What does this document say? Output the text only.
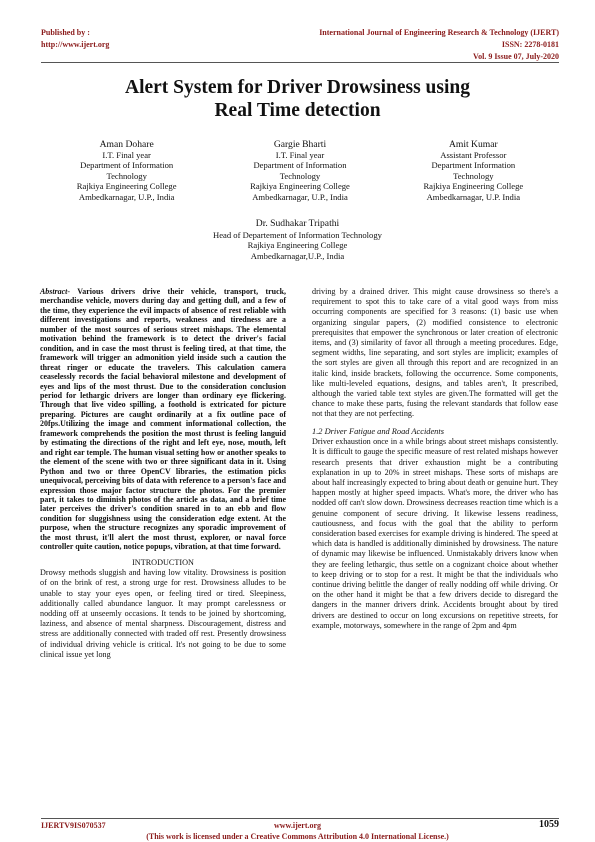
Published by :
http://www.ijert.org
International Journal of Engineering Research & Technology (IJERT)
ISSN: 2278-0181
Vol. 9 Issue 07, July-2020
Alert System for Driver Drowsiness using
Real Time detection
Aman Dohare
I.T. Final year
Department of Information
Technology
Rajkiya Engineering College
Ambedkarnagar, U.P., India
Gargie Bharti
I.T. Final year
Department of Information
Technology
Rajkiya Engineering College
Ambedkarnagar, U.P., India
Amit Kumar
Assistant Professor
Department Information
Technology
Rajkiya Engineering College
Ambedkarnagar, U.P. India
Dr. Sudhakar Tripathi
Head of Departement of Information Technology
Rajkiya Engineering College
Ambedkarnagar,U.P., India

Abstract- Various drivers drive their vehicle, transport, truck, merchandise vehicle, movers during day and getting dull, and a few of the time, they experience the evil impacts of absence of rest reliable with different investigations and reports, weakness and tiredness are a number of the most sources of serious street mishaps. The elemental motivation behind the framework is to detect the driver's facial condition, and in case the most thrust is feeling tired, at that time, the framework will trigger an admonition yield inside such a caution the threat ringer or educate the travelers. This calculation camera ceaselessly records the facial behavioral milestone and development of eyes and lips of the most thrust. Due to the consideration conclusion period for lethargic drivers are longer than ordinary eye flickering. Through that live video spilling, a foothold is extricated for picture preparing. Pictures are caught ordinarily at a fix outline pace of 20fps.Utilizing the image and comment informational collection, the framework comprehends the position the most thrust is feeling languid by estimating the directions of the right and left eye, nose, mouth, left and right ear temple. The human visual setting how or another speaks to the element of the scene with two or three significant data in it. Using Python and two or three OpenCV libraries, the estimation picks unequivocal, perceiving bits of data with reference to a person's face and expression those major factor structure the photos. For the premier part, it takes to diminish photos of the article as data, and a brief time later perceives the driver's condition snared in to an ebb and flow condition for sluggishness using the consideration edge extent. At the purpose, when the structure recognizes any sporadic improvement of the most thrust, it'll alert the most thrust, explorer, or naval force controller quite caution, notice popups, vibration, at that time forward.

INTRODUCTION

Drowsy methods sluggish and having low vitality. Drowsiness is position of on the brink of rest, a strong urge for rest. Drowsiness alludes to be unable to stay your eyes open, or feeling tired or tired. Sleepiness, additionally called abundance languor. It may prompt carelessness or nodding off at unseemly occasions. It tends to be joined by shortcoming, laziness, and absence of mental sharpness. Discouragement, distress and stress are additionally connected with traded off rest. Presently drowsiness of individual driving vehicle is critical. It's not going to be due to some clinical issue yet long

driving by a drained driver. This might cause drowsiness so there's a requirement to spot this to take care of a vital good ways from miss occurring components are specified for 3 reasons: (1) basic use when organizing singular papers, (2) modified consistence to electronic prerequisites that empower the synchronous or later creation of electronic items, and (3) similarity of favor all through a meeting procedures. Edge, segment widths, line separating, and sort styles are implicit; examples of the sort styles are given all through this report and are recognized in an italic kind, inside brackets, following the occurrence. Some components, like multi-leveled equations, designs, and tables aren't, It prescribed, although the varied table text styles are given.The formatted will get the chance to make these parts, fusing the relevant standards that follow ease not that they are not perfecting.

1.2 Driver Fatigue and Road Accidents

Driver exhaustion once in a while brings about street mishaps consistently. It is difficult to gauge the specific measure of rest related mishaps however research presents that driver exhaustion might be a contributing explanation in up to 20% in street mishaps. These sorts of mishaps are about half increasingly expected to bring about death or genuine hurt. They happen mostly at higher speed impacts. What's more, the driver who has nodded off can't slow down. Drowsiness decreases reaction time which is a genuine component of secure driving. It likewise lessens readiness, cautiousness, and focus with the goal that the ability to perform consideration based exercises for example driving is hindered. The speed at which data is handled is additionally diminished by drowsiness. The nature of dynamic may likewise be influenced. Unmistakably drivers know when they are feeling lethargic, thus settle on a cognizant choice about whether to keep driving or to stop for a rest. It might be that the individuals who continue driving belittle the danger of really nodding off while driving. Or on the other hand it might be that a few drivers decide to disregard the dangers in the manner drivers drink. Accidents brought about by tired drivers are destined to occur on long excursions on repetitive streets, for example, motorways, somewhere in the range of 2pm and 4pm

IJERTV9IS070537	www.ijert.org
(This work is licensed under a Creative Commons Attribution 4.0 International License.)
1059
